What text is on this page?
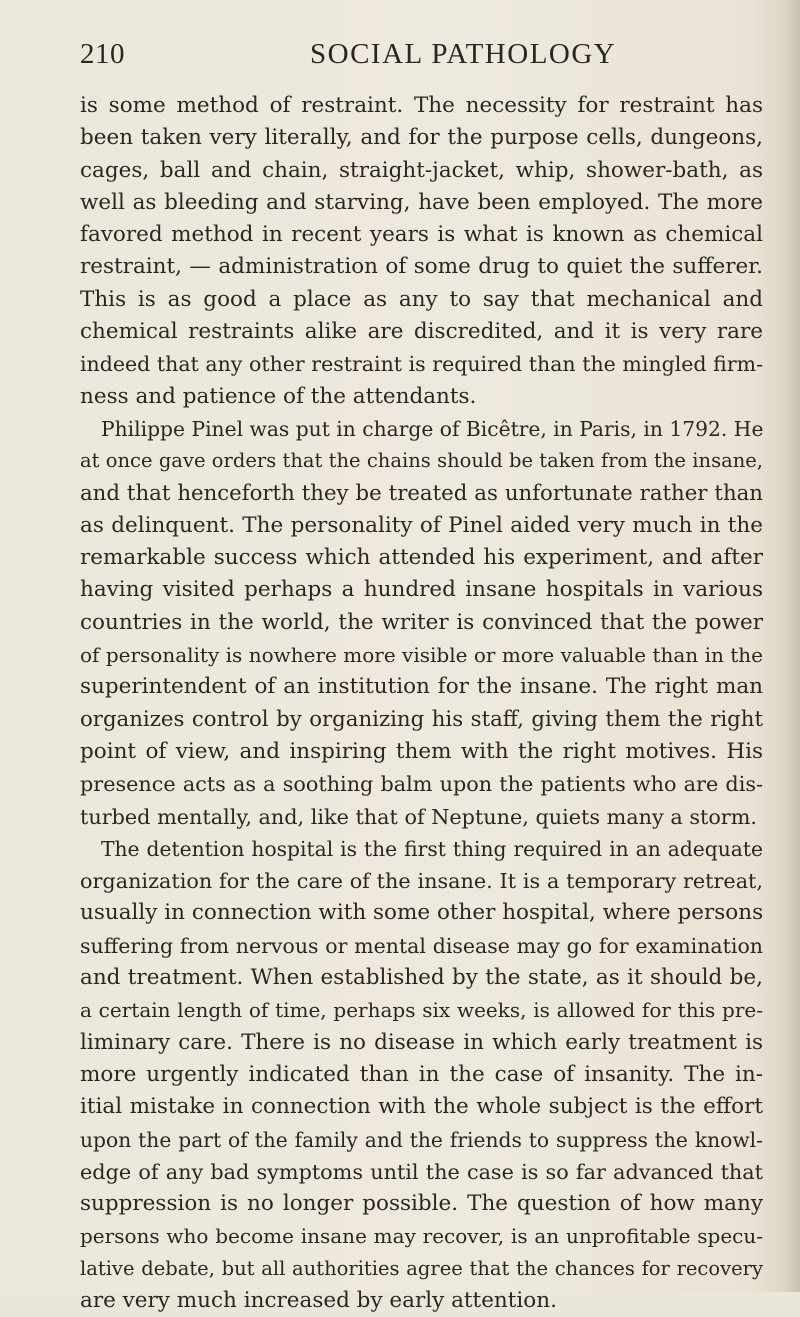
210	SOCIAL PATHOLOGY
is some method of restraint. The necessity for restraint has
been taken very literally, and for the purpose cells, dungeons,
cages, ball and chain, straight-jacket, whip, shower-bath, as
well as bleeding and starving, have been employed. The more
favored method in recent years is what is known as chemical
restraint, — administration of some drug to quiet the sufferer.
This is as good a place as any to say that mechanical and
chemical restraints alike are discredited, and it is very rare
indeed that any other restraint is required than the mingled firm-
ness and patience of the attendants.
Philippe Pinel was put in charge of Bicêtre, in Paris, in 1792. He
at once gave orders that the chains should be taken from the insane,
and that henceforth they be treated as unfortunate rather than
as delinquent. The personality of Pinel aided very much in the
remarkable success which attended his experiment, and after
having visited perhaps a hundred insane hospitals in various
countries in the world, the writer is convinced that the power
of personality is nowhere more visible or more valuable than in the
superintendent of an institution for the insane. The right man
organizes control by organizing his staff, giving them the right
point of view, and inspiring them with the right motives. His
presence acts as a soothing balm upon the patients who are dis-
turbed mentally, and, like that of Neptune, quiets many a storm.
The detention hospital is the first thing required in an adequate
organization for the care of the insane. It is a temporary retreat,
usually in connection with some other hospital, where persons
suffering from nervous or mental disease may go for examination
and treatment. When established by the state, as it should be,
a certain length of time, perhaps six weeks, is allowed for this pre-
liminary care. There is no disease in which early treatment is
more urgently indicated than in the case of insanity. The in-
itial mistake in connection with the whole subject is the effort
upon the part of the family and the friends to suppress the knowl-
edge of any bad symptoms until the case is so far advanced that
suppression is no longer possible. The question of how many
persons who become insane may recover, is an unprofitable specu-
lative debate, but all authorities agree that the chances for recovery
are very much increased by early attention.
